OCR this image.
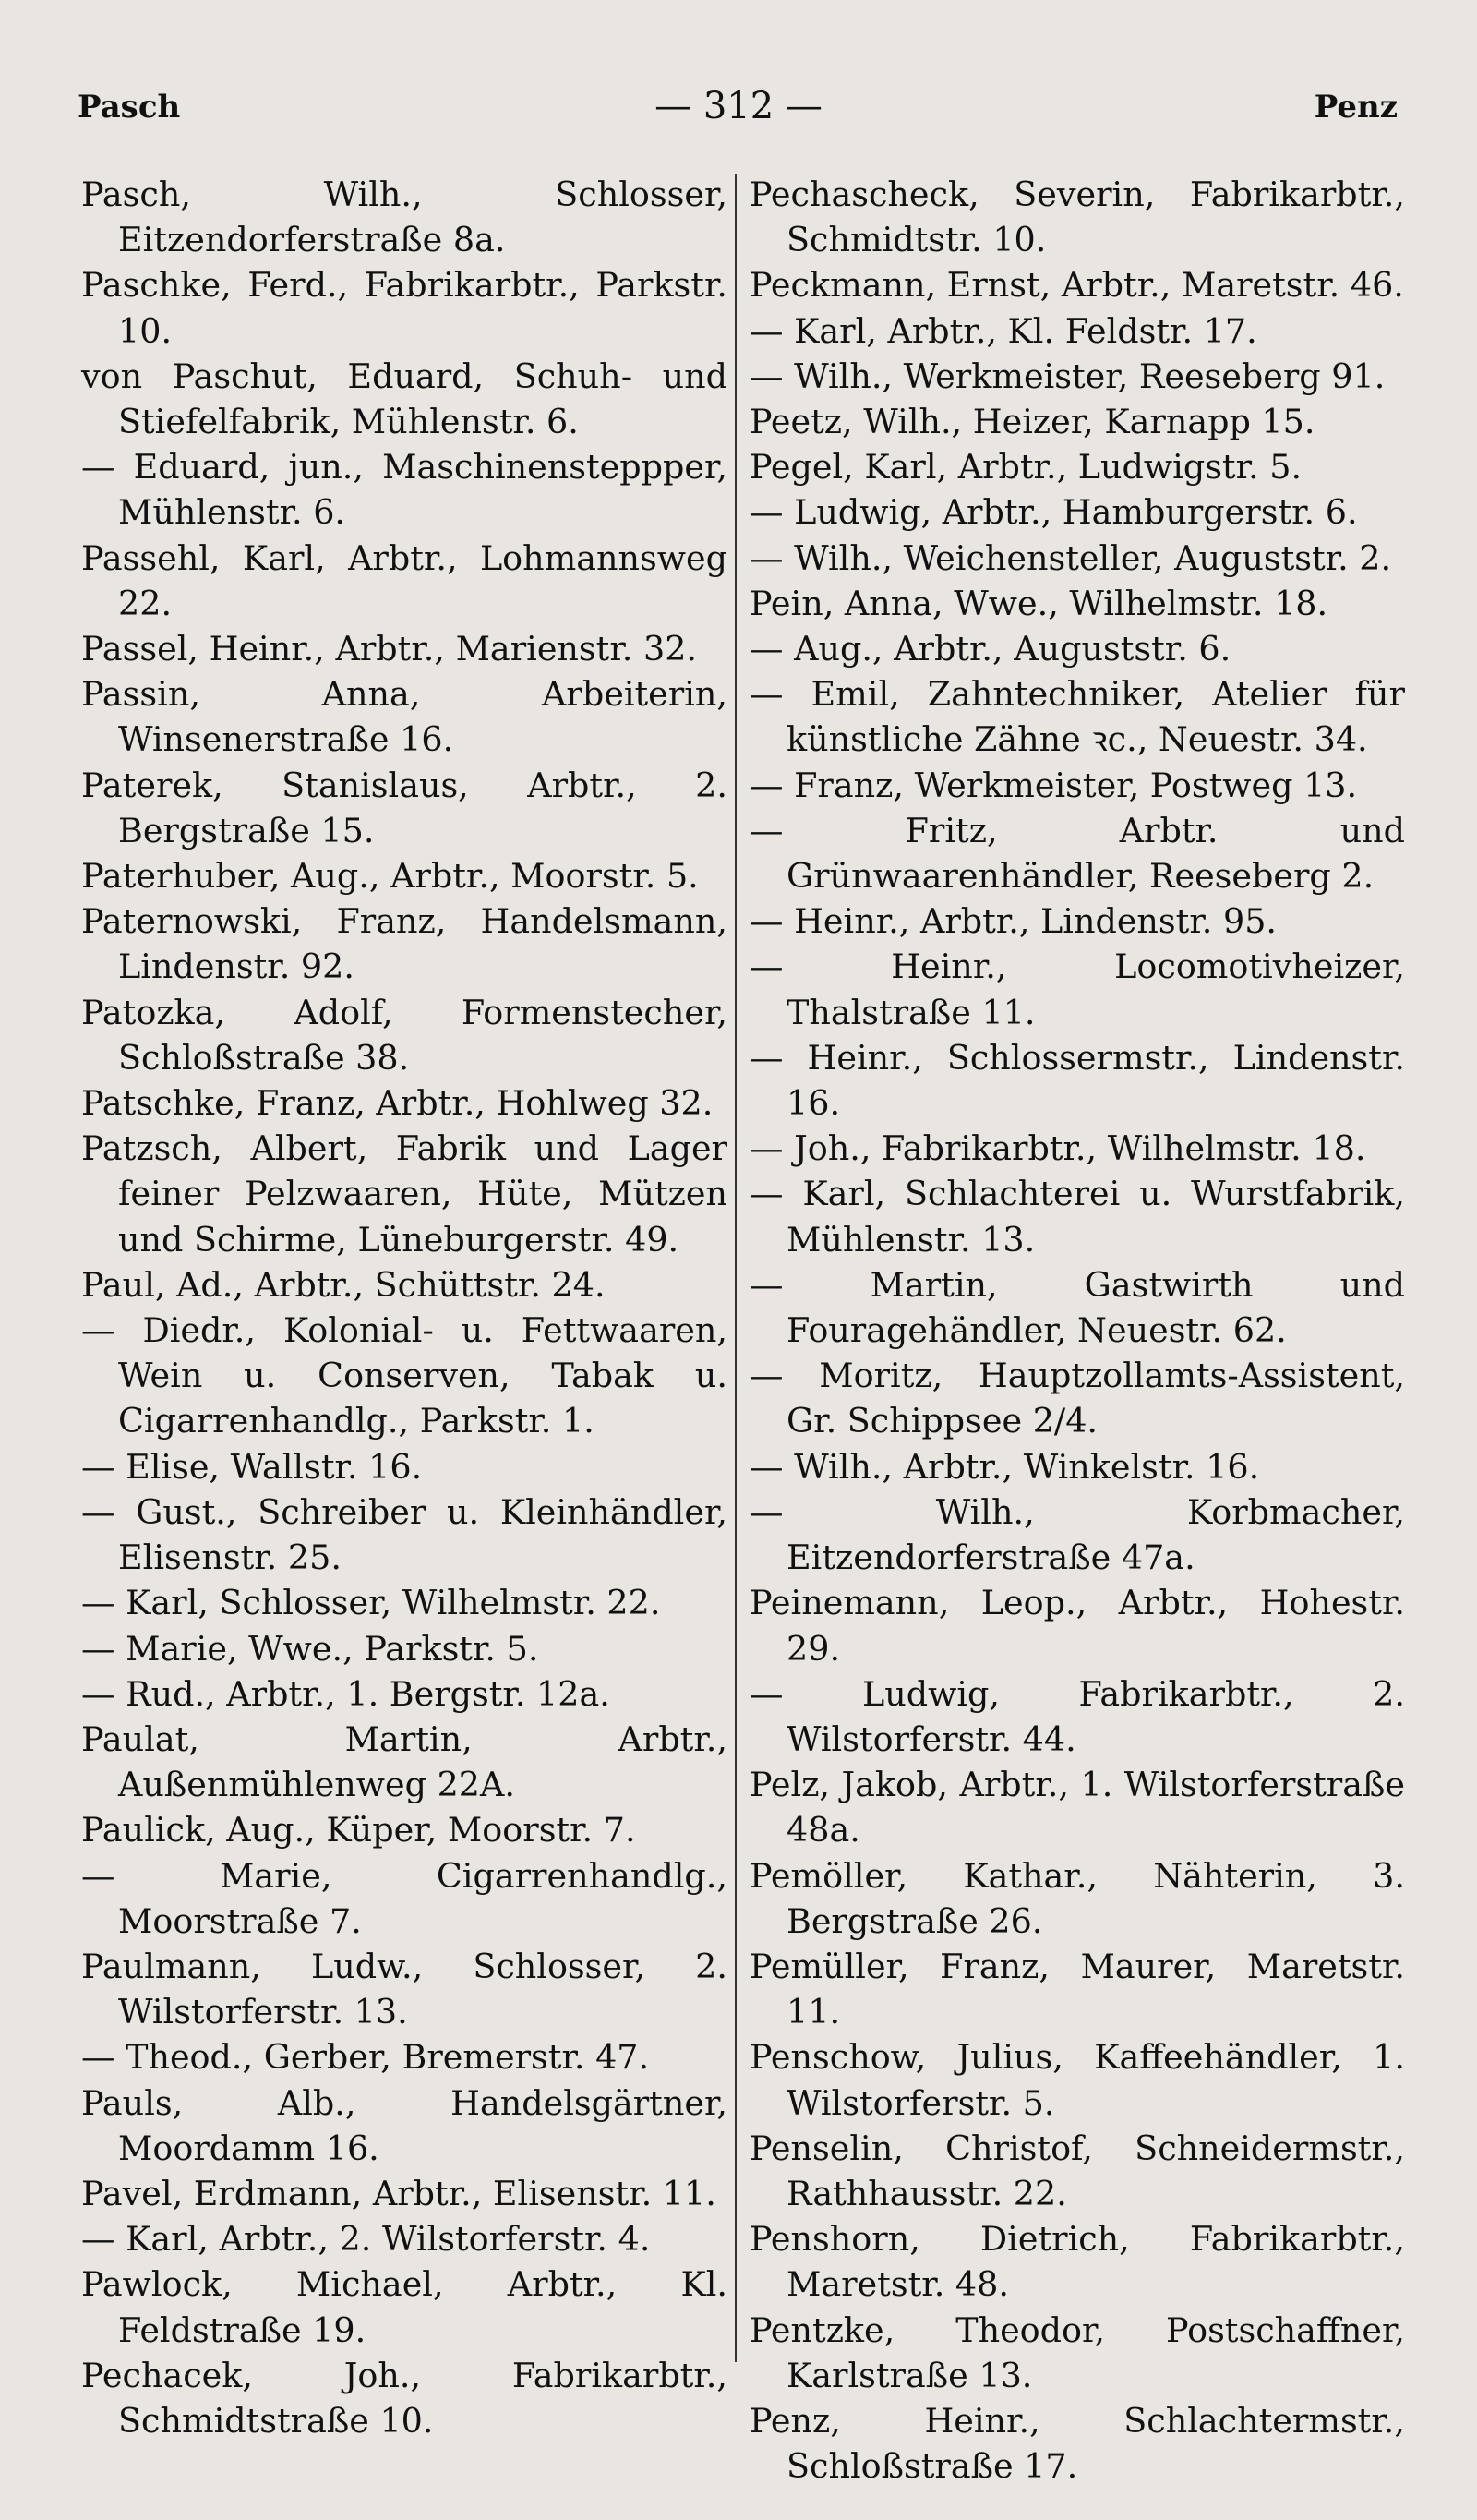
Pasch	— 312 —	Penz

Pasch, Wilh., Schlosser, Eitzendorferstraße 8a.

Paschke, Ferd., Fabrikarbtr., Parkstr. 10.

von Paschut, Eduard, Schuh- und Stiefelfabrik, Mühlenstr. 6.

— Eduard, jun., Maschinensteppper, Mühlenstr. 6.

Passehl, Karl, Arbtr., Lohmannsweg 22.

Passel, Heinr., Arbtr., Marienstr. 32.

Passin, Anna, Arbeiterin, Winsenerstraße 16.

Paterek, Stanislaus, Arbtr., 2. Bergstraße 15.

Paterhuber, Aug., Arbtr., Moorstr. 5.

Paternowski, Franz, Handelsmann, Lindenstr. 92.

Patozka, Adolf, Formenstecher, Schloßstraße 38.

Patschke, Franz, Arbtr., Hohlweg 32.

Patzsch, Albert, Fabrik und Lager feiner Pelzwaaren, Hüte, Mützen und Schirme, Lüneburgerstr. 49.

Paul, Ad., Arbtr., Schüttstr. 24.

— Diedr., Kolonial- u. Fettwaaren, Wein u. Conserven, Tabak u. Cigarrenhandlg., Parkstr. 1.

— Elise, Wallstr. 16.

— Gust., Schreiber u. Kleinhändler, Elisenstr. 25.

— Karl, Schlosser, Wilhelmstr. 22.

— Marie, Wwe., Parkstr. 5.

— Rud., Arbtr., 1. Bergstr. 12a.

Paulat, Martin, Arbtr., Außenmühlenweg 22A.

Paulick, Aug., Küper, Moorstr. 7.

— Marie, Cigarrenhandlg., Moorstraße 7.

Paulmann, Ludw., Schlosser, 2. Wilstorferstr. 13.

— Theod., Gerber, Bremerstr. 47.

Pauls, Alb., Handelsgärtner, Moordamm 16.

Pavel, Erdmann, Arbtr., Elisenstr. 11.

— Karl, Arbtr., 2. Wilstorferstr. 4.

Pawlock, Michael, Arbtr., Kl. Feldstraße 19.

Pechacek, Joh., Fabrikarbtr., Schmidtstraße 10.

Pechascheck, Severin, Fabrikarbtr., Schmidtstr. 10.

Peckmann, Ernst, Arbtr., Maretstr. 46.

— Karl, Arbtr., Kl. Feldstr. 17.

— Wilh., Werkmeister, Reeseberg 91.

Peetz, Wilh., Heizer, Karnapp 15.

Pegel, Karl, Arbtr., Ludwigstr. 5.

— Ludwig, Arbtr., Hamburgerstr. 6.

— Wilh., Weichensteller, Auguststr. 2.

Pein, Anna, Wwe., Wilhelmstr. 18.

— Aug., Arbtr., Auguststr. 6.

— Emil, Zahntechniker, Atelier für künstliche Zähne ꝛc., Neuestr. 34.

— Franz, Werkmeister, Postweg 13.

— Fritz, Arbtr. und Grünwaarenhändler, Reeseberg 2.

— Heinr., Arbtr., Lindenstr. 95.

— Heinr., Locomotivheizer, Thalstraße 11.

— Heinr., Schlossermstr., Lindenstr. 16.

— Joh., Fabrikarbtr., Wilhelmstr. 18.

— Karl, Schlachterei u. Wurstfabrik, Mühlenstr. 13.

— Martin, Gastwirth und Fouragehändler, Neuestr. 62.

— Moritz, Hauptzollamts-Assistent, Gr. Schippsee 2/4.

— Wilh., Arbtr., Winkelstr. 16.

— Wilh., Korbmacher, Eitzendorferstraße 47a.

Peinemann, Leop., Arbtr., Hohestr. 29.

— Ludwig, Fabrikarbtr., 2. Wilstorferstr. 44.

Pelz, Jakob, Arbtr., 1. Wilstorferstraße 48a.

Pemöller, Kathar., Nähterin, 3. Bergstraße 26.

Pemüller, Franz, Maurer, Maretstr. 11.

Penschow, Julius, Kaffeehändler, 1. Wilstorferstr. 5.

Penselin, Christof, Schneidermstr., Rathhausstr. 22.

Penshorn, Dietrich, Fabrikarbtr., Maretstr. 48.

Pentzke, Theodor, Postschaffner, Karlstraße 13.

Penz, Heinr., Schlachtermstr., Schloßstraße 17.
